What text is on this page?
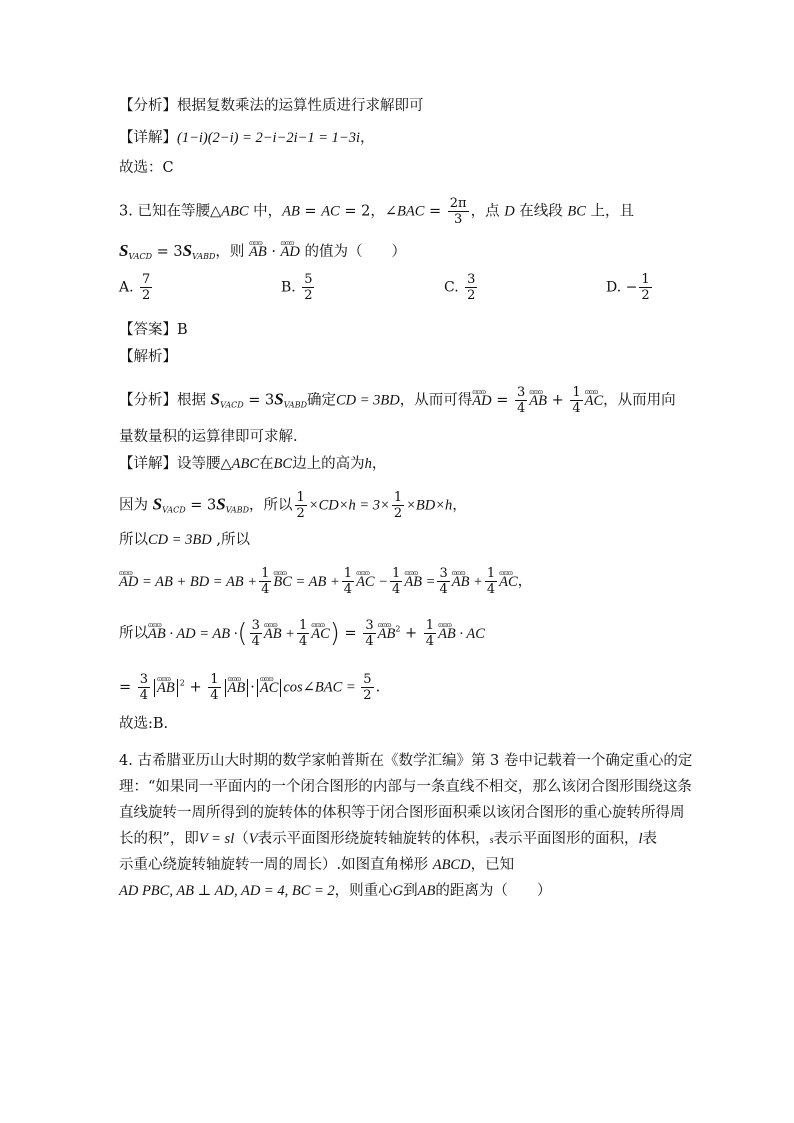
【分析】根据复数乘法的运算性质进行求解即可
【详解】(1−i)(2−i) = 2−i−2i−1 = 1−3i，
故选：C
3. 已知在等腰△ABC 中，AB = AC = 2，∠BAC = $\frac{2\pi}{3}$ ，点 D 在线段 BC 上，且
$S_{VACD} = 3S_{VABD}$，则 ɷɷɷ AB · ɷɷɷ AD 的值为（　　）
A. $\frac{7}{2}$	B. $\frac{5}{2}$	C. $\frac{3}{2}$	D. − $\frac{1}{2}$
【答案】B
【解析】
【分析】根据 $S_{VACD} = 3S_{VABD}$确定CD = 3BD，从而可得ɷɷɷ AD = $\frac{3}{4}$ ɷɷɷ AB + $\frac{1}{4}$ ɷɷɷ AC，从而用向
量数量积的运算律即可求解.
【详解】设等腰△ABC在BC边上的高为h，
因为 $S_{VACD} = 3S_{VABD}$，所以 $\frac{1}{2} \times CD\times h = 3\times \frac{1}{2} \times BD\times h$，
所以CD = 3BD ,所以
ɷɷɷ AD = AB + BD = AB + $\frac{1}{4}$ ɷɷɷ BC = AB + $\frac{1}{4}$ ɷɷɷ AC − $\frac{1}{4}$ ɷɷɷ AB = $\frac{3}{4}$ ɷɷɷ AB + $\frac{1}{4}$ ɷɷɷ AC，
所以ɷɷɷ AB · AD = AB ·( $\frac{3}{4}$ ɷɷɷ AB + $\frac{1}{4}$ ɷɷɷ $AC) = \frac{3}{4}$ ɷɷɷ $AB^2 + \frac{1}{4}$ ɷɷɷ AB · AC
= $\frac{3}{4}$ ɷɷɷ AB $^2 + \frac{1}{4}$ ɷɷɷ AB · ɷɷɷ AC cos∠BAC = $\frac{5}{2}$ .
故选:B.
4. 古希腊亚历山大时期的数学家帕普斯在《数学汇编》第 3 卷中记载着一个确定重心的定
理：“如果同一平面内的一个闭合图形的内部与一条直线不相交，那么该闭合图形围绕这条
直线旋转一周所得到的旋转体的体积等于闭合图形面积乘以该闭合图形的重心旋转所得周
长的积”，即V = sl（V表示平面图形绕旋转轴旋转的体积，s表示平面图形的面积，l表
示重心绕旋转轴旋转一周的周长）.如图直角梯形 ABCD，已知
AD PBC, AB ⊥ AD, AD = 4, BC = 2，则重心G到AB的距离为（　　）
